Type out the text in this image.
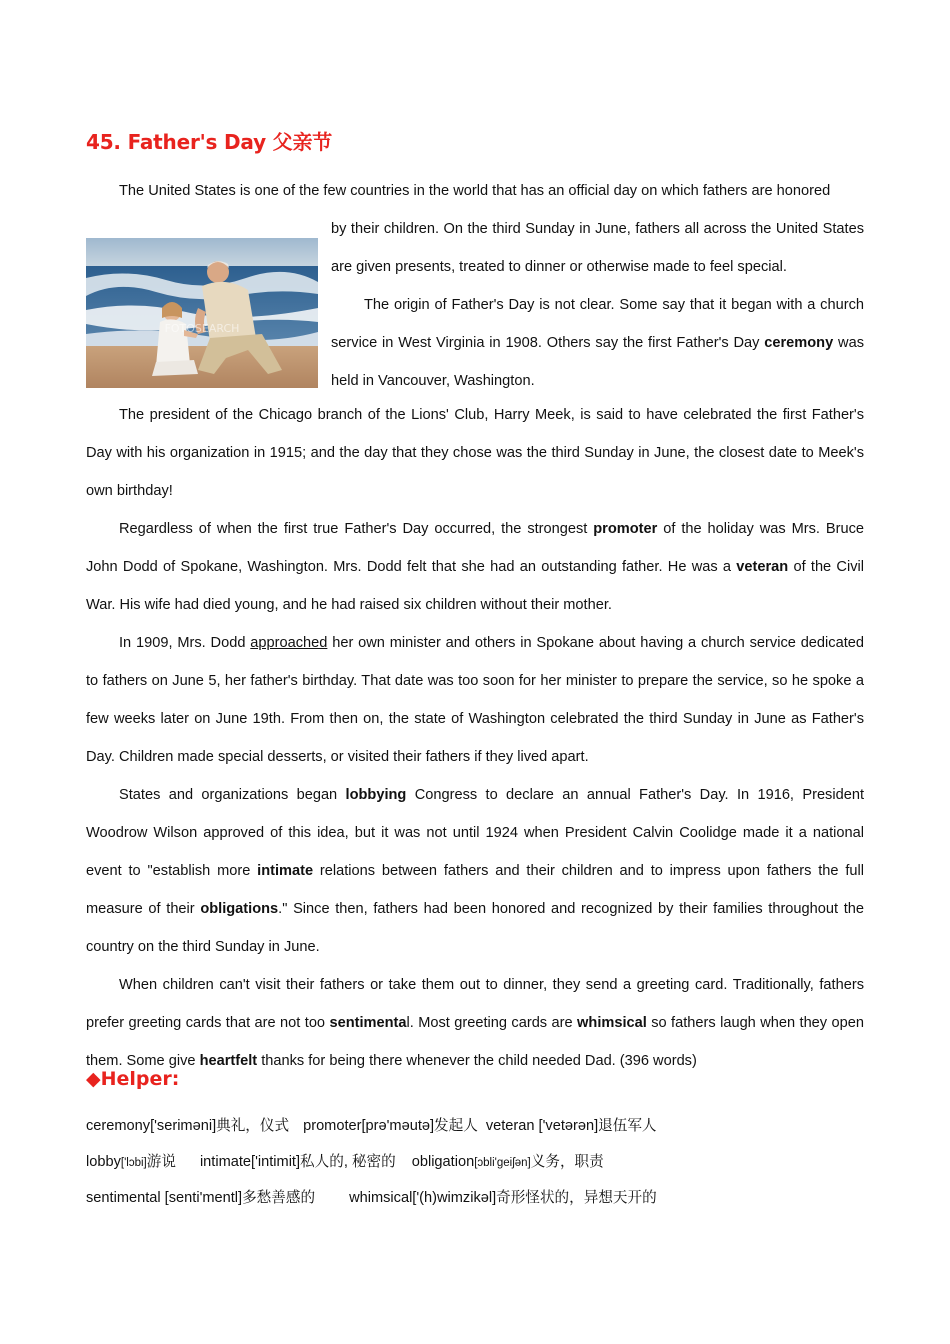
45. Father's Day 父亲节

The United States is one of the few countries in the world that has an official day on which fathers are honored

FOTOSEARCH

by their children. On the third Sunday in June, fathers all across the United States are given presents, treated to dinner or otherwise made to feel special.

The origin of Father's Day is not clear. Some say that it began with a church service in West Virginia in 1908. Others say the first Father's Day ceremony was held in Vancouver, Washington.

The president of the Chicago branch of the Lions' Club, Harry Meek, is said to have celebrated the first Father's Day with his organization in 1915; and the day that they chose was the third Sunday in June, the closest date to Meek's own birthday!

Regardless of when the first true Father's Day occurred, the strongest promoter of the holiday was Mrs. Bruce John Dodd of Spokane, Washington. Mrs. Dodd felt that she had an outstanding father. He was a veteran of the Civil War. His wife had died young, and he had raised six children without their mother.

In 1909, Mrs. Dodd approached her own minister and others in Spokane about having a church service dedicated to fathers on June 5, her father's birthday. That date was too soon for her minister to prepare the service, so he spoke a few weeks later on June 19th. From then on, the state of Washington celebrated the third Sunday in June as Father's Day. Children made special desserts, or visited their fathers if they lived apart.

States and organizations began lobbying Congress to declare an annual Father's Day. In 1916, President Woodrow Wilson approved of this idea, but it was not until 1924 when President Calvin Coolidge made it a national event to "establish more intimate relations between fathers and their children and to impress upon fathers the full measure of their obligations." Since then, fathers had been honored and recognized by their families throughout the country on the third Sunday in June.

When children can't visit their fathers or take them out to dinner, they send a greeting card. Traditionally, fathers prefer greeting cards that are not too sentimental. Most greeting cards are whimsical so fathers laugh when they open them. Some give heartfelt thanks for being there whenever the child needed Dad. (396 words)

◆Helper:
ceremony['seriməni]典礼，仪式 promoter[prə'məutə]发起人 veteran ['vetərən]退伍军人
lobby['lɔbi]游说 intimate['intimit]私人的, 秘密的 obligation[ɔbli'geiʃən]义务，职责
sentimental [senti'mentl]多愁善感的 whimsical['(h)wimzikəl]奇形怪状的，异想天开的
